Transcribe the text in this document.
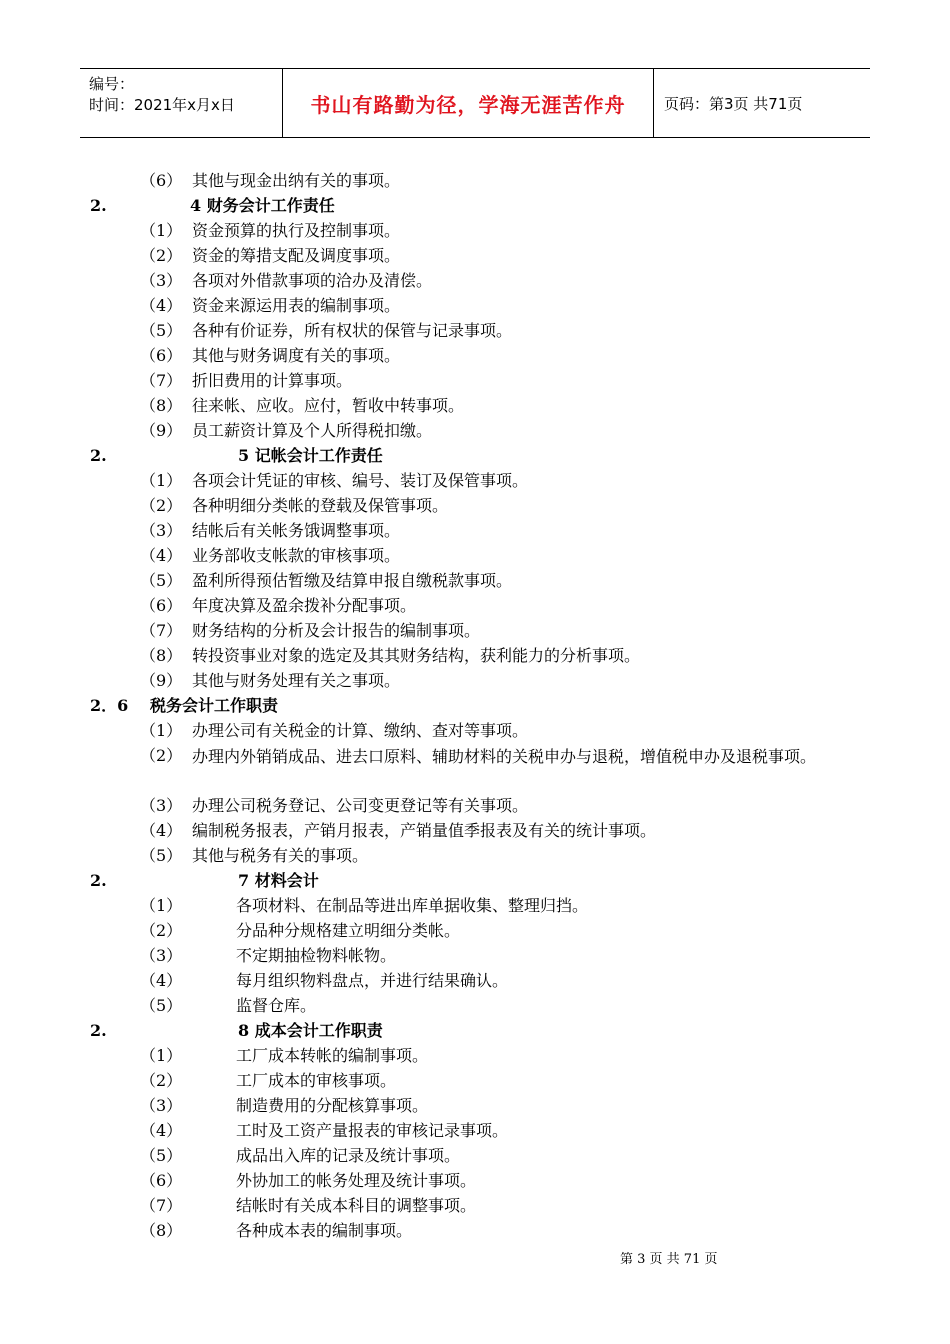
编号：
时间：2021年x月x日	书山有路勤为径，学海无涯苦作舟	页码：第3页 共71页
（6） 其他与现金出纳有关的事项。
2.	4 财务会计工作责任
（1） 资金预算的执行及控制事项。
（2） 资金的筹措支配及调度事项。
（3） 各项对外借款事项的洽办及清偿。
（4） 资金来源运用表的编制事项。
（5） 各种有价证券，所有权状的保管与记录事项。
（6） 其他与财务调度有关的事项。
（7） 折旧费用的计算事项。
（8） 往来帐、应收。应付，暂收中转事项。
（9） 员工薪资计算及个人所得税扣缴。
2.	5 记帐会计工作责任
（1） 各项会计凭证的审核、编号、装订及保管事项。
（2） 各种明细分类帐的登载及保管事项。
（3） 结帐后有关帐务饿调整事项。
（4） 业务部收支帐款的审核事项。
（5） 盈利所得预估暂缴及结算申报自缴税款事项。
（6） 年度决算及盈余拨补分配事项。
（7） 财务结构的分析及会计报告的编制事项。
（8） 转投资事业对象的选定及其其财务结构，获利能力的分析事项。
（9） 其他与财务处理有关之事项。
2．6 税务会计工作职责
（1） 办理公司有关税金的计算、缴纳、查对等事项。
（2） 办理内外销销成品、进去口原料、辅助材料的关税申办与退税，增值税申办及退税事项。
（3） 办理公司税务登记、公司变更登记等有关事项。
（4） 编制税务报表，产销月报表，产销量值季报表及有关的统计事项。
（5） 其他与税务有关的事项。
2.	7 材料会计
（1）	各项材料、在制品等进出库单据收集、整理归挡。
（2）	分品种分规格建立明细分类帐。
（3）	不定期抽检物料帐物。
（4）	每月组织物料盘点，并进行结果确认。
（5）	监督仓库。
2.	8 成本会计工作职责
（1）	工厂成本转帐的编制事项。
（2）	工厂成本的审核事项。
（3）	制造费用的分配核算事项。
（4）	工时及工资产量报表的审核记录事项。
（5）	成品出入库的记录及统计事项。
（6）	外协加工的帐务处理及统计事项。
（7）	结帐时有关成本科目的调整事项。
（8）	各种成本表的编制事项。
第 3 页 共 71 页
